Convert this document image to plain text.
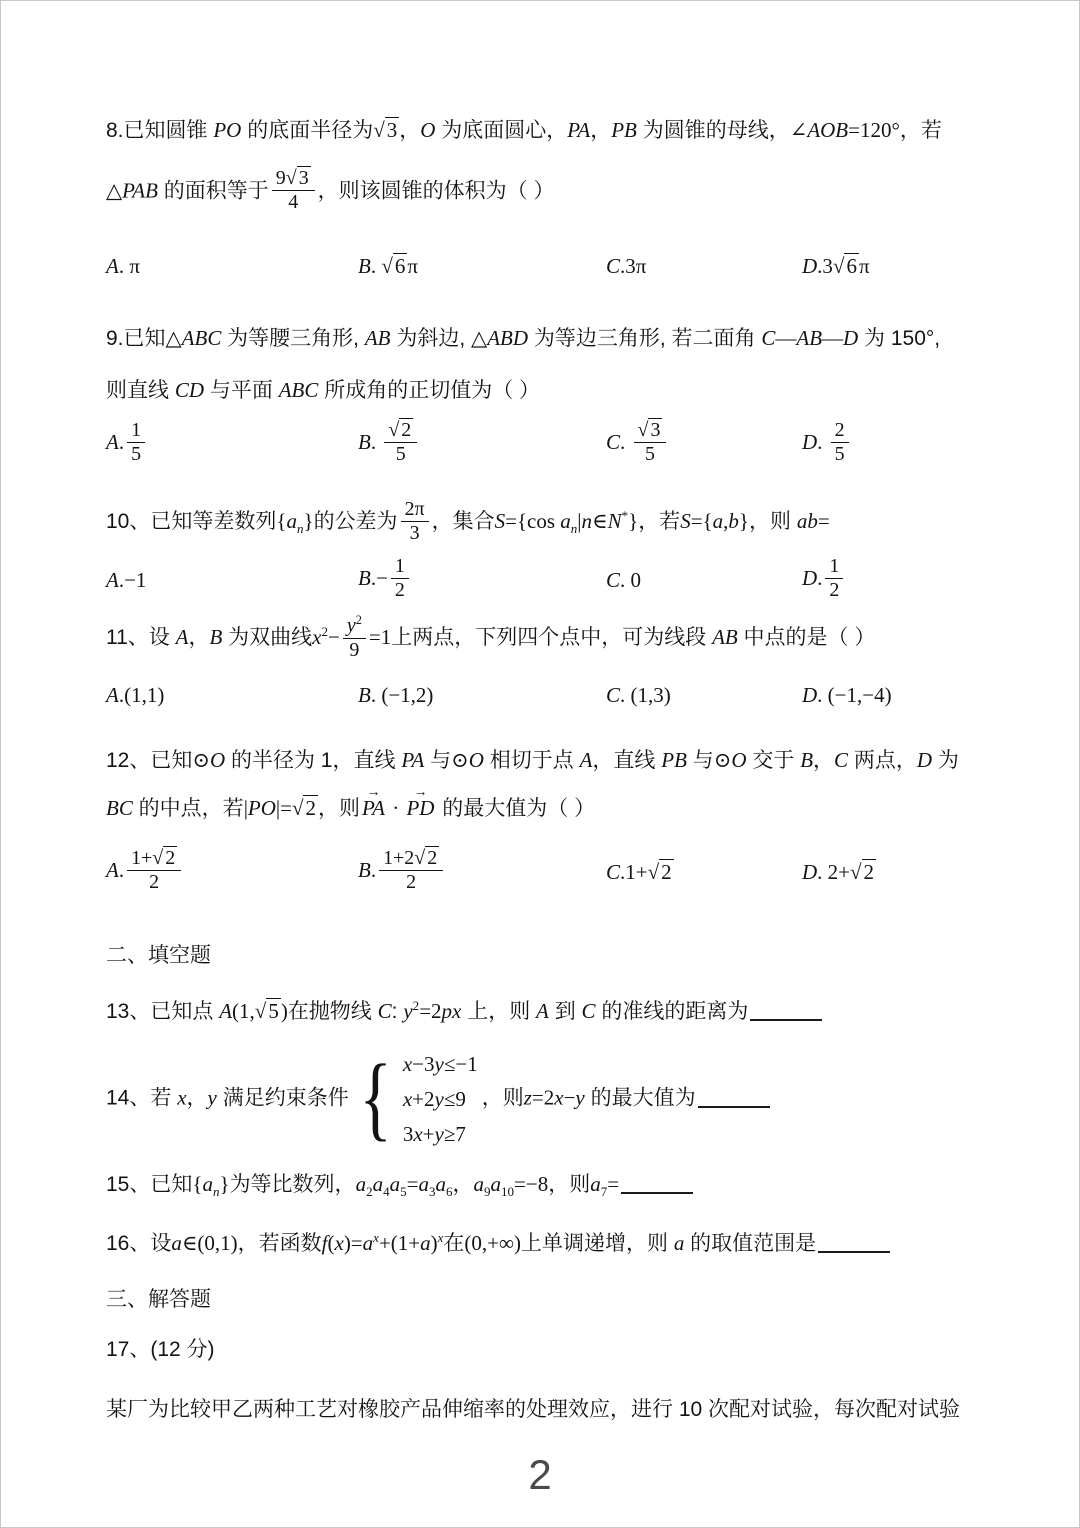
8.已知圆锥 PO 的底面半径为√3，O 为底面圆心，PA，PB 为圆锥的母线，∠AOB=120°，若
△PAB 的面积等于 $\frac{9√ 3}{4}$ ，则该圆锥的体积为（ ）
A. π	B. √6π	C.3π	D.3√6π
9.已知△ABC 为等腰三角形, AB 为斜边, △ABD 为等边三角形, 若二面角 C—AB—D 为 150°,
则直线 CD 与平面 ABC 所成角的正切值为（ ）
A. $\frac{1}{5}$	B. $\frac{√ 2}{5}$	C. $\frac{√ 3}{5}$	D. $\frac{2}{5}$
10、已知等差数列$\{a_n\}$的公差为 $\frac{2\pi}{3}$ ，集合S={cos $a_n|n\in N^*$}，若S={a,b}，则 ab=
A.−1	$B.- \frac{1}{2}$	C. 0	D. $\frac{1}{2}$
11、设 A，B 为双曲线$x^2- \frac{y^2}{9} =1$上两点，下列四个点中，可为线段 AB 中点的是（ ）
A.(1,1)	B. (−1,2)	C. (1,3)	D. (−1,−4)
12、已知⊙O 的半径为 1，直线 PA 与⊙O 相切于点 A，直线 PB 与⊙O 交于 B，C 两点，D 为
BC 的中点，若|PO|=√2，则PA → · PD → 的最大值为（ ）
A. $\frac{1+√ 2}{2}$	B. $\frac{1+2√ 2}{2}$	C.1+√2	D. 2+√2
二、填空题
13、已知点 A(1,√5)在抛物线 C: $y^2=2px$ 上，则 A 到 C 的准线的距离为
14、若 x，y 满足约束条件 { x−3y≤−1
x+2y≤9
3x+y≥7
，则z=2x−y 的最大值为
15、已知$\{a_n\}$为等比数列，$a_2a_4a_5=a_3a_6$，$a_9a_{10}=-8$，则$a_7=$
16、设a∈(0,1)，若函数$f(x)=a^x+(1+a)^x$在(0,+∞)上单调递增，则 a 的取值范围是
三、解答题
17、(12 分)
某厂为比较甲乙两种工艺对橡胶产品伸缩率的处理效应，进行 10 次配对试验，每次配对试验
2
